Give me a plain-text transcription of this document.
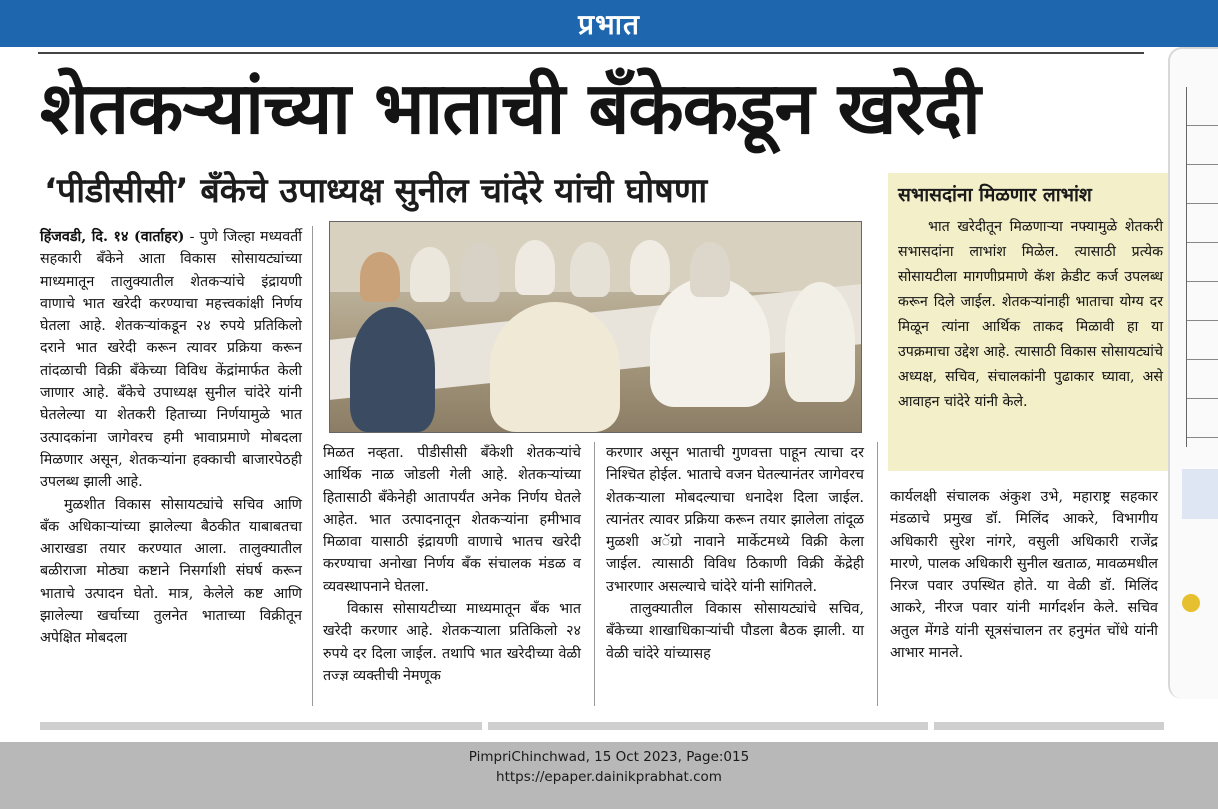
प्रभात
शेतकऱ्यांच्या भाताची बँकेकडून खरेदी
‘पीडीसीसी’ बँकेचे उपाध्यक्ष सुनील चांदेरे यांची घोषणा	सभासदांना मिळणार लाभांश

भात खरेदीतून मिळणाऱ्या नफ्यामुळे शेतकरी सभासदांना लाभांश मिळेल. त्यासाठी प्रत्येक सोसायटीला मागणीप्रमाणे कॅश क्रेडीट कर्ज उपलब्ध करून दिले जाईल. शेतकऱ्यांनाही भाताचा योग्य दर मिळून त्यांना आर्थिक ताकद मिळावी हा या उपक्रमाचा उद्देश आहे. त्यासाठी विकास सोसायट्यांचे अध्यक्ष, सचिव, संचालकांनी पुढाकार घ्यावा, असे आवाहन चांदेरे यांनी केले.

हिंजवडी, दि. १४ (वार्ताहर) - पुणे जिल्हा मध्यवर्ती सहकारी बँकेने आता विकास सोसायट्यांच्या माध्यमातून तालुक्यातील शेतकऱ्यांचे इंद्रायणी वाणाचे भात खरेदी करण्याचा महत्त्वकांक्षी निर्णय घेतला आहे. शेतकऱ्यांकडून २४ रुपये प्रतिकिलो दराने भात खरेदी करून त्यावर प्रक्रिया करून तांदळाची विक्री बँकेच्या विविध केंद्रांमार्फत केली जाणार आहे. बँकेचे उपाध्यक्ष सुनील चांदेरे यांनी घेतलेल्या या शेतकरी हिताच्या निर्णयामुळे भात उत्पादकांना जागेवरच हमी भावाप्रमाणे मोबदला मिळणार असून, शेतकऱ्यांना हक्काची बाजारपेठही उपलब्ध झाली आहे.

मुळशीत विकास सोसायट्यांचे सचिव आणि बँक अधिकाऱ्यांच्या झालेल्या बैठकीत याबाबतचा आराखडा तयार करण्यात आला. तालुक्यातील बळीराजा मोठ्या कष्टाने निसर्गाशी संघर्ष करून भाताचे उत्पादन घेतो. मात्र, केलेले कष्ट आणि झालेल्या खर्चाच्या तुलनेत भाताच्या विक्रीतून अपेक्षित मोबदला

मिळत नव्हता. पीडीसीसी बँकेशी शेतकऱ्यांचे आर्थिक नाळ जोडली गेली आहे. शेतकऱ्यांच्या हितासाठी बँकेनेही आतापर्यंत अनेक निर्णय घेतले आहेत. भात उत्पादनातून शेतकऱ्यांना हमीभाव मिळावा यासाठी इंद्रायणी वाणाचे भातच खरेदी करण्याचा अनोखा निर्णय बँक संचालक मंडळ व व्यवस्थापनाने घेतला.

विकास सोसायटीच्या माध्यमातून बँक भात खरेदी करणार आहे. शेतकऱ्याला प्रतिकिलो २४ रुपये दर दिला जाईल. तथापि भात खरेदीच्या वेळी तज्ज्ञ व्यक्तीची नेमणूक

करणार असून भाताची गुणवत्ता पाहून त्याचा दर निश्चित होईल. भाताचे वजन घेतल्यानंतर जागेवरच शेतकऱ्याला मोबदल्याचा धनादेश दिला जाईल. त्यानंतर त्यावर प्रक्रिया करून तयार झालेला तांदूळ मुळशी अॅग्रो नावाने मार्केटमध्ये विक्री केला जाईल. त्यासाठी विविध ठिकाणी विक्री केंद्रेही उभारणार असल्याचे चांदेरे यांनी सांगितले.

तालुक्यातील विकास सोसायट्यांचे सचिव, बँकेच्या शाखाधिकाऱ्यांची पौडला बैठक झाली. या वेळी चांदेरे यांच्यासह

कार्यलक्षी संचालक अंकुश उभे, महाराष्ट्र सहकार मंडळाचे प्रमुख डॉ. मिलिंद आकरे, विभागीय अधिकारी सुरेश नांगरे, वसुली अधिकारी राजेंद्र मारणे, पालक अधिकारी सुनील खताळ, मावळमधील निरज पवार उपस्थित होते. या वेळी डॉ. मिलिंद आकरे, नीरज पवार यांनी मार्गदर्शन केले. सचिव अतुल मेंगडे यांनी सूत्रसंचालन तर हनुमंत चोंधे यांनी आभार मानले.

PimpriChinchwad, 15 Oct 2023, Page:015
https://epaper.dainikprabhat.com
